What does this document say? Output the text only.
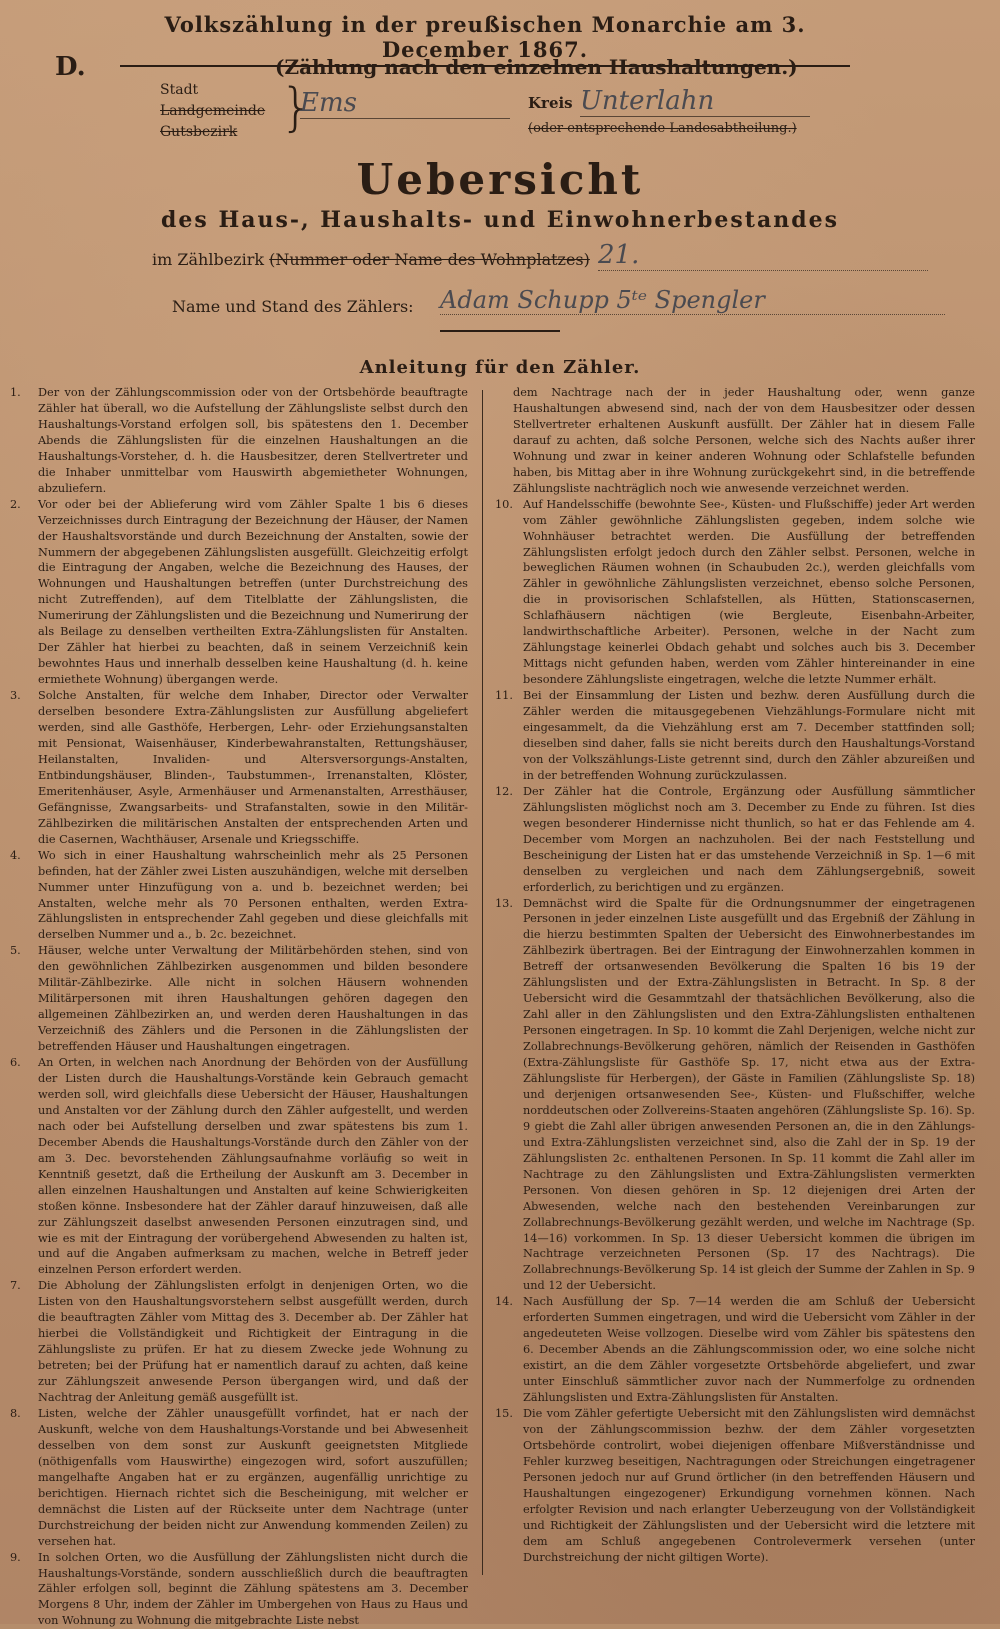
Volkszählung in der preußischen Monarchie am 3. December 1867.
D.	(Zählung nach den einzelnen Haushaltungen.)
Stadt
Landgemeinde
Gutsbezirk }
Ems	Kreis Unterlahn
(oder entsprechende Landesabtheilung.)
Uebersicht
des Haus-, Haushalts- und Einwohnerbestandes
im Zählbezirk (Nummer oder Name des Wohnplatzes) 21.
Name und Stand des Zählers: Adam Schupp 5ᵗᵉ Spengler
Anleitung für den Zähler.

1.	Der von der Zählungscommission oder von der Ortsbehörde beauftragte Zähler hat überall, wo die Aufstellung der Zählungsliste selbst durch den Haushaltungs-Vorstand erfolgen soll, bis spätestens den 1. December Abends die Zählungslisten für die einzelnen Haushaltungen an die Haushaltungs-Vorsteher, d. h. die Hausbesitzer, deren Stellvertreter und die Inhaber unmittelbar vom Hauswirth abgemietheter Wohnungen, abzuliefern.

2.	Vor oder bei der Ablieferung wird vom Zähler Spalte 1 bis 6 dieses Verzeichnisses durch Eintragung der Bezeichnung der Häuser, der Namen der Haushaltsvorstände und durch Bezeichnung der Anstalten, sowie der Nummern der abgegebenen Zählungslisten ausgefüllt. Gleichzeitig erfolgt die Eintragung der Angaben, welche die Bezeichnung des Hauses, der Wohnungen und Haushaltungen betreffen (unter Durchstreichung des nicht Zutreffenden), auf dem Titelblatte der Zählungslisten, die Numerirung der Zählungslisten und die Bezeichnung und Numerirung der als Beilage zu denselben vertheilten Extra-Zählungslisten für Anstalten. Der Zähler hat hierbei zu beachten, daß in seinem Verzeichniß kein bewohntes Haus und innerhalb desselben keine Haushaltung (d. h. keine ermiethete Wohnung) übergangen werde.

3.	Solche Anstalten, für welche dem Inhaber, Director oder Verwalter derselben besondere Extra-Zählungslisten zur Ausfüllung abgeliefert werden, sind alle Gasthöfe, Herbergen, Lehr- oder Erziehungsanstalten mit Pensionat, Waisenhäuser, Kinderbewahranstalten, Rettungshäuser, Heilanstalten, Invaliden- und Altersversorgungs-Anstalten, Entbindungshäuser, Blinden-, Taubstummen-, Irrenanstalten, Klöster, Emeritenhäuser, Asyle, Armenhäuser und Armenanstalten, Arresthäuser, Gefängnisse, Zwangsarbeits- und Strafanstalten, sowie in den Militär-Zählbezirken die militärischen Anstalten der entsprechenden Arten und die Casernen, Wachthäuser, Arsenale und Kriegsschiffe.

4.	Wo sich in einer Haushaltung wahrscheinlich mehr als 25 Personen befinden, hat der Zähler zwei Listen auszuhändigen, welche mit derselben Nummer unter Hinzufügung von a. und b. bezeichnet werden; bei Anstalten, welche mehr als 70 Personen enthalten, werden Extra-Zählungslisten in entsprechender Zahl gegeben und diese gleichfalls mit derselben Nummer und a., b. 2c. bezeichnet.

5.	Häuser, welche unter Verwaltung der Militärbehörden stehen, sind von den gewöhnlichen Zählbezirken ausgenommen und bilden besondere Militär-Zählbezirke. Alle nicht in solchen Häusern wohnenden Militärpersonen mit ihren Haushaltungen gehören dagegen den allgemeinen Zählbezirken an, und werden deren Haushaltungen in das Verzeichniß des Zählers und die Personen in die Zählungslisten der betreffenden Häuser und Haushaltungen eingetragen.

6.	An Orten, in welchen nach Anordnung der Behörden von der Ausfüllung der Listen durch die Haushaltungs-Vorstände kein Gebrauch gemacht werden soll, wird gleichfalls diese Uebersicht der Häuser, Haushaltungen und Anstalten vor der Zählung durch den Zähler aufgestellt, und werden nach oder bei Aufstellung derselben und zwar spätestens bis zum 1. December Abends die Haushaltungs-Vorstände durch den Zähler von der am 3. Dec. bevorstehenden Zählungsaufnahme vorläufig so weit in Kenntniß gesetzt, daß die Ertheilung der Auskunft am 3. December in allen einzelnen Haushaltungen und Anstalten auf keine Schwierigkeiten stoßen könne. Insbesondere hat der Zähler darauf hinzuweisen, daß alle zur Zählungszeit daselbst anwesenden Personen einzutragen sind, und wie es mit der Eintragung der vorübergehend Abwesenden zu halten ist, und auf die Angaben aufmerksam zu machen, welche in Betreff jeder einzelnen Person erfordert werden.

7.	Die Abholung der Zählungslisten erfolgt in denjenigen Orten, wo die Listen von den Haushaltungsvorstehern selbst ausgefüllt werden, durch die beauftragten Zähler vom Mittag des 3. December ab. Der Zähler hat hierbei die Vollständigkeit und Richtigkeit der Eintragung in die Zählungsliste zu prüfen. Er hat zu diesem Zwecke jede Wohnung zu betreten; bei der Prüfung hat er namentlich darauf zu achten, daß keine zur Zählungszeit anwesende Person übergangen wird, und daß der Nachtrag der Anleitung gemäß ausgefüllt ist.

8.	Listen, welche der Zähler unausgefüllt vorfindet, hat er nach der Auskunft, welche von dem Haushaltungs-Vorstande und bei Abwesenheit desselben von dem sonst zur Auskunft geeignetsten Mitgliede (nöthigenfalls vom Hauswirthe) eingezogen wird, sofort auszufüllen; mangelhafte Angaben hat er zu ergänzen, augenfällig unrichtige zu berichtigen. Hiernach richtet sich die Bescheinigung, mit welcher er demnächst die Listen auf der Rückseite unter dem Nachtrage (unter Durchstreichung der beiden nicht zur Anwendung kommenden Zeilen) zu versehen hat.

9.	In solchen Orten, wo die Ausfüllung der Zählungslisten nicht durch die Haushaltungs-Vorstände, sondern ausschließlich durch die beauftragten Zähler erfolgen soll, beginnt die Zählung spätestens am 3. December Morgens 8 Uhr, indem der Zähler im Umbergehen von Haus zu Haus und von Wohnung zu Wohnung die mitgebrachte Liste nebst

dem Nachtrage nach der in jeder Haushaltung oder, wenn ganze Haushaltungen abwesend sind, nach der von dem Hausbesitzer oder dessen Stellvertreter erhaltenen Auskunft ausfüllt. Der Zähler hat in diesem Falle darauf zu achten, daß solche Personen, welche sich des Nachts außer ihrer Wohnung und zwar in keiner anderen Wohnung oder Schlafstelle befunden haben, bis Mittag aber in ihre Wohnung zurückgekehrt sind, in die betreffende Zählungsliste nachträglich noch wie anwesende verzeichnet werden.

10. Auf Handelsschiffe (bewohnte See-, Küsten- und Flußschiffe) jeder Art werden vom Zähler gewöhnliche Zählungslisten gegeben, indem solche wie Wohnhäuser betrachtet werden. Die Ausfüllung der betreffenden Zählungslisten erfolgt jedoch durch den Zähler selbst. Personen, welche in beweglichen Räumen wohnen (in Schaubuden 2c.), werden gleichfalls vom Zähler in gewöhnliche Zählungslisten verzeichnet, ebenso solche Personen, die in provisorischen Schlafstellen, als Hütten, Stationscasernen, Schlafhäusern nächtigen (wie Bergleute, Eisenbahn-Arbeiter, landwirthschaftliche Arbeiter). Personen, welche in der Nacht zum Zählungstage keinerlei Obdach gehabt und solches auch bis 3. December Mittags nicht gefunden haben, werden vom Zähler hintereinander in eine besondere Zählungsliste eingetragen, welche die letzte Nummer erhält.

11. Bei der Einsammlung der Listen und bezhw. deren Ausfüllung durch die Zähler werden die mitausgegebenen Viehzählungs-Formulare nicht mit eingesammelt, da die Viehzählung erst am 7. December stattfinden soll; dieselben sind daher, falls sie nicht bereits durch den Haushaltungs-Vorstand von der Volkszählungs-Liste getrennt sind, durch den Zähler abzureißen und in der betreffenden Wohnung zurückzulassen.

12. Der Zähler hat die Controle, Ergänzung oder Ausfüllung sämmtlicher Zählungslisten möglichst noch am 3. December zu Ende zu führen. Ist dies wegen besonderer Hindernisse nicht thunlich, so hat er das Fehlende am 4. December vom Morgen an nachzuholen. Bei der nach Feststellung und Bescheinigung der Listen hat er das umstehende Verzeichniß in Sp. 1—6 mit denselben zu vergleichen und nach dem Zählungsergebniß, soweit erforderlich, zu berichtigen und zu ergänzen.

13. Demnächst wird die Spalte für die Ordnungsnummer der eingetragenen Personen in jeder einzelnen Liste ausgefüllt und das Ergebniß der Zählung in die hierzu bestimmten Spalten der Uebersicht des Einwohnerbestandes im Zählbezirk übertragen. Bei der Eintragung der Einwohnerzahlen kommen in Betreff der ortsanwesenden Bevölkerung die Spalten 16 bis 19 der Zählungslisten und der Extra-Zählungslisten in Betracht. In Sp. 8 der Uebersicht wird die Gesammtzahl der thatsächlichen Bevölkerung, also die Zahl aller in den Zählungslisten und den Extra-Zählungslisten enthaltenen Personen eingetragen. In Sp. 10 kommt die Zahl Derjenigen, welche nicht zur Zollabrechnungs-Bevölkerung gehören, nämlich der Reisenden in Gasthöfen (Extra-Zählungsliste für Gasthöfe Sp. 17, nicht etwa aus der Extra-Zählungsliste für Herbergen), der Gäste in Familien (Zählungsliste Sp. 18) und derjenigen ortsanwesenden See-, Küsten- und Flußschiffer, welche norddeutschen oder Zollvereins-Staaten angehören (Zählungsliste Sp. 16). Sp. 9 giebt die Zahl aller übrigen anwesenden Personen an, die in den Zählungs- und Extra-Zählungslisten verzeichnet sind, also die Zahl der in Sp. 19 der Zählungslisten 2c. enthaltenen Personen. In Sp. 11 kommt die Zahl aller im Nachtrage zu den Zählungslisten und Extra-Zählungslisten vermerkten Personen. Von diesen gehören in Sp. 12 diejenigen drei Arten der Abwesenden, welche nach den bestehenden Vereinbarungen zur Zollabrechnungs-Bevölkerung gezählt werden, und welche im Nachtrage (Sp. 14—16) vorkommen. In Sp. 13 dieser Uebersicht kommen die übrigen im Nachtrage verzeichneten Personen (Sp. 17 des Nachtrags). Die Zollabrechnungs-Bevölkerung Sp. 14 ist gleich der Summe der Zahlen in Sp. 9 und 12 der Uebersicht.

14. Nach Ausfüllung der Sp. 7—14 werden die am Schluß der Uebersicht erforderten Summen eingetragen, und wird die Uebersicht vom Zähler in der angedeuteten Weise vollzogen. Dieselbe wird vom Zähler bis spätestens den 6. December Abends an die Zählungscommission oder, wo eine solche nicht existirt, an die dem Zähler vorgesetzte Ortsbehörde abgeliefert, und zwar unter Einschluß sämmtlicher zuvor nach der Nummerfolge zu ordnenden Zählungslisten und Extra-Zählungslisten für Anstalten.

15. Die vom Zähler gefertigte Uebersicht mit den Zählungslisten wird demnächst von der Zählungscommission bezhw. der dem Zähler vorgesetzten Ortsbehörde controlirt, wobei diejenigen offenbare Mißverständnisse und Fehler kurzweg beseitigen, Nachtragungen oder Streichungen eingetragener Personen jedoch nur auf Grund örtlicher (in den betreffenden Häusern und Haushaltungen eingezogener) Erkundigung vornehmen können. Nach erfolgter Revision und nach erlangter Ueberzeugung von der Vollständigkeit und Richtigkeit der Zählungslisten und der Uebersicht wird die letztere mit dem am Schluß angegebenen Controlevermerk versehen (unter Durchstreichung der nicht giltigen Worte).
